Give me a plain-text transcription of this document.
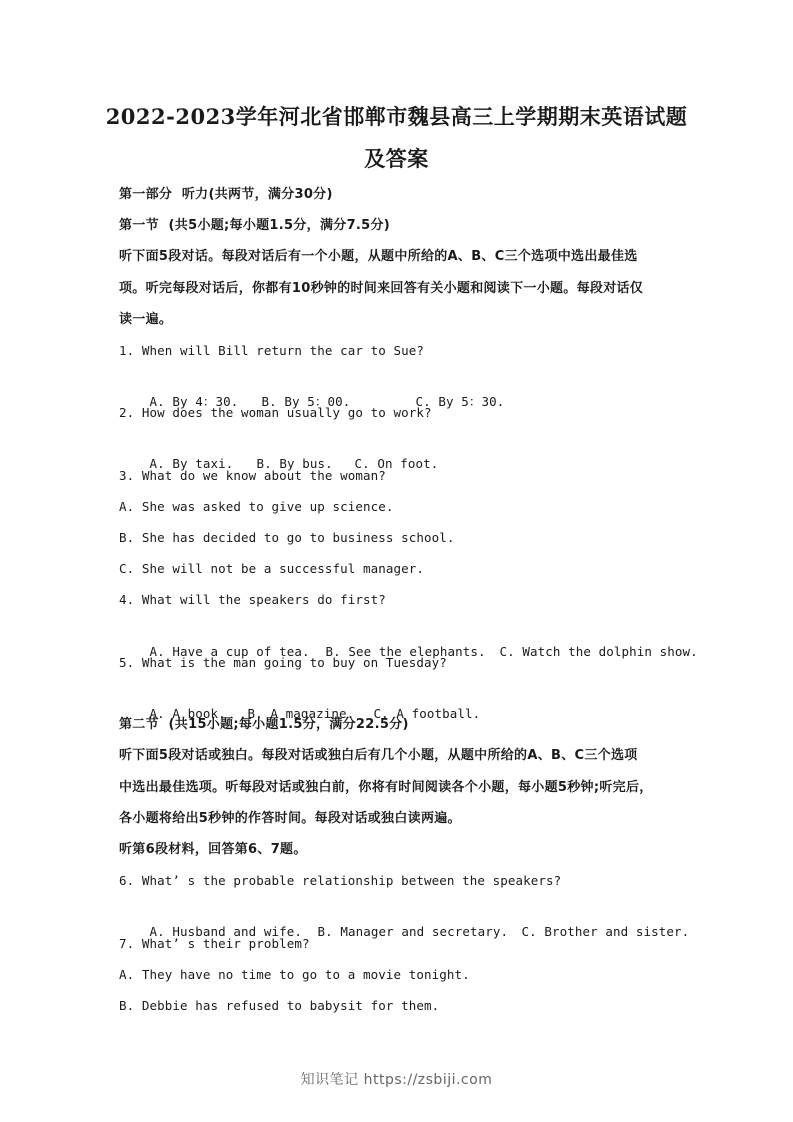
2022-2023学年河北省邯郸市魏县高三上学期期末英语试题
及答案
第一部分  听力(共两节，满分30分)
第一节  (共5小题;每小题1.5分，满分7.5分)
听下面5段对话。每段对话后有一个小题，从题中所给的A、B、C三个选项中选出最佳选
项。听完每段对话后，你都有10秒钟的时间来回答有关小题和阅读下一小题。每段对话仅
读一遍。
1. When will Bill return the car to Sue?

A. By 4：30. B. By 5：00.	C. By 5：30.

2. How does the woman usually go to work?

A. By taxi. B. By bus. C. On foot.

3. What do we know about the woman?
A. She was asked to give up science.
B. She has decided to go to business school.
C. She will not be a successful manager.
4. What will the speakers do first?

A. Have a cup of tea. B. See the elephants. C. Watch the dolphin show.

5. What is the man going to buy on Tuesday?

A. A book. B. A magazine. C. A football.

第二节  (共15小题;每小题1.5分，满分22.5分)
听下面5段对话或独白。每段对话或独白后有几个小题，从题中所给的A、B、C三个选项
中选出最佳选项。听每段对话或独白前，你将有时间阅读各个小题，每小题5秒钟;听完后，
各小题将给出5秒钟的作答时间。每段对话或独白读两遍。
听第6段材料，回答第6、7题。
6. What’ s the probable relationship between the speakers?

A. Husband and wife. B. Manager and secretary. C. Brother and sister.

7. What’ s their problem?
A. They have no time to go to a movie tonight.
B. Debbie has refused to babysit for them.
知识笔记 https://zsbiji.com
